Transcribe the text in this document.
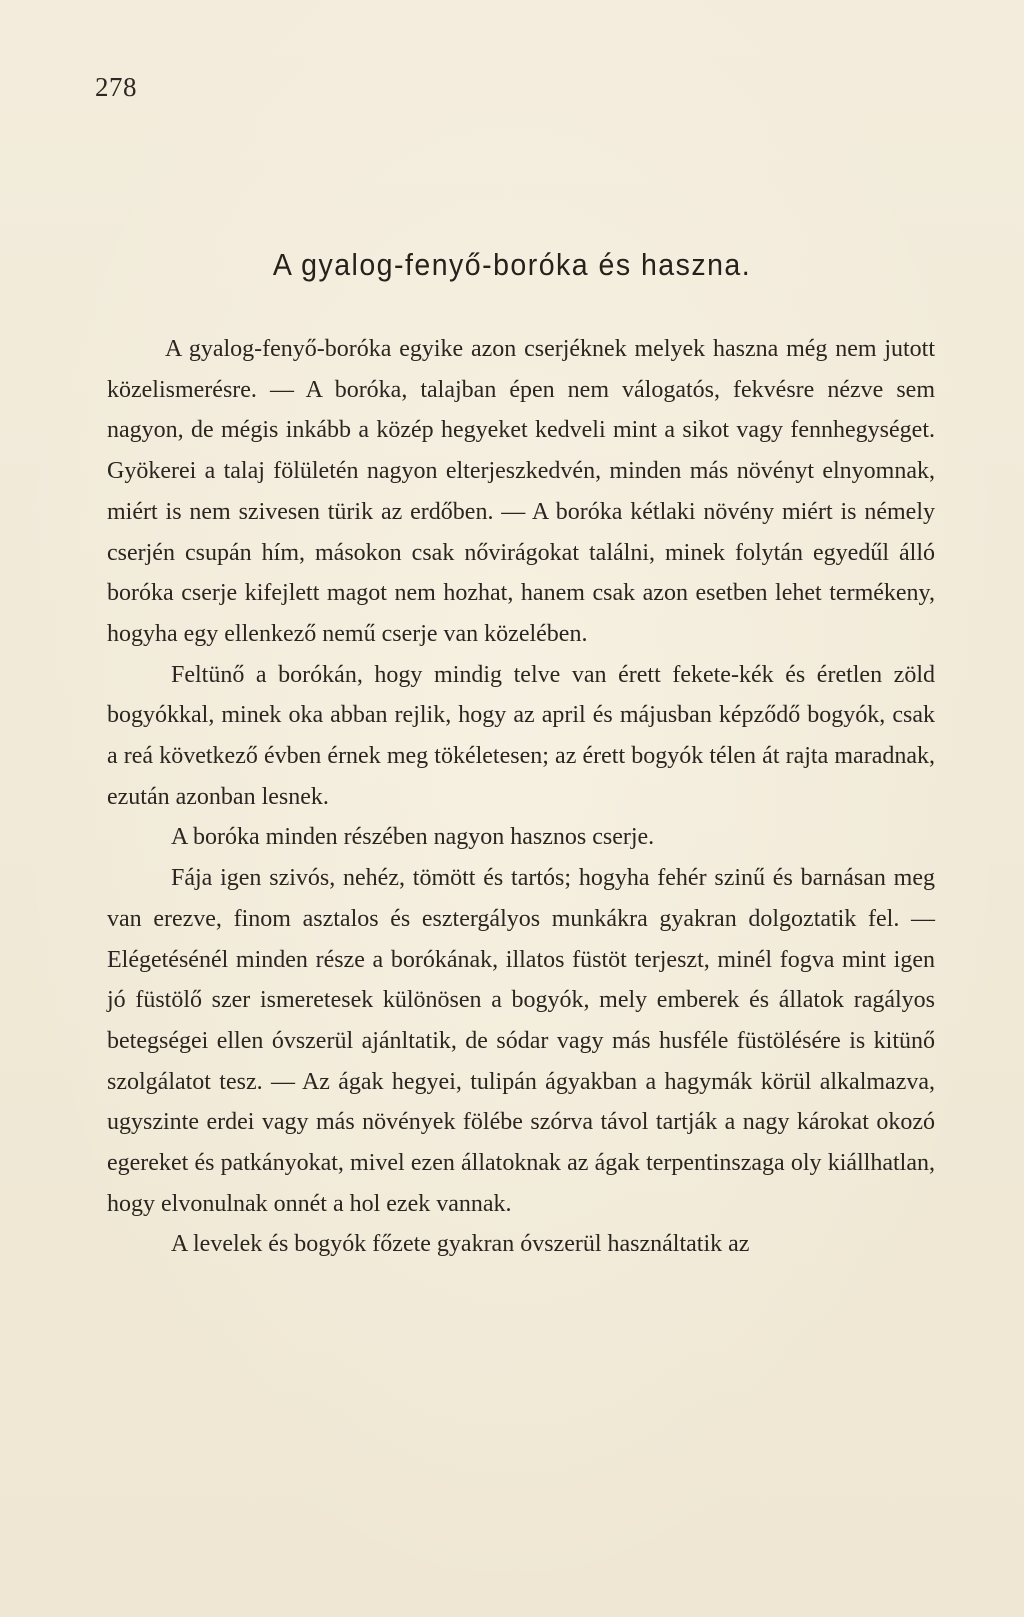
278
A gyalog-fenyő-boróka és haszna.

A gyalog-fenyő-boróka egyike azon cserjéknek melyek haszna még nem jutott közelismerésre. — A boróka, talajban épen nem válogatós, fekvésre nézve sem nagyon, de mégis inkább a közép hegyeket kedveli mint a sikot vagy fennhegységet. Gyökerei a talaj fölületén nagyon elterjeszkedvén, minden más növényt elnyomnak, miért is nem szivesen türik az erdőben. — A boróka kétlaki növény miért is némely cserjén csupán hím, másokon csak nővirágokat találni, minek folytán egyedűl álló boróka cserje kifejlett magot nem hozhat, hanem csak azon esetben lehet termékeny, hogyha egy ellenkező nemű cserje van közelében.

Feltünő a borókán, hogy mindig telve van érett fekete-kék és éretlen zöld bogyókkal, minek oka abban rejlik, hogy az april és májusban képződő bogyók, csak a reá következő évben érnek meg tökéletesen; az érett bogyók télen át rajta maradnak, ezután azonban lesnek.

A boróka minden részében nagyon hasznos cserje.

Fája igen szivós, nehéz, tömött és tartós; hogyha fehér szinű és barnásan meg van erezve, finom asztalos és esztergályos munkákra gyakran dolgoztatik fel. — Elégetésénél minden része a borókának, illatos füstöt terjeszt, minél fogva mint igen jó füstölő szer ismeretesek különösen a bogyók, mely emberek és állatok ragályos betegségei ellen óvszerül ajánltatik, de sódar vagy más husféle füstölésére is kitünő szolgálatot tesz. — Az ágak hegyei, tulipán ágyakban a hagymák körül alkalmazva, ugyszinte erdei vagy más növények fölébe szórva távol tartják a nagy károkat okozó egereket és patkányokat, mivel ezen állatoknak az ágak terpentinszaga oly kiállhatlan, hogy elvonulnak onnét a hol ezek vannak.

A levelek és bogyók főzete gyakran óvszerül használtatik az
